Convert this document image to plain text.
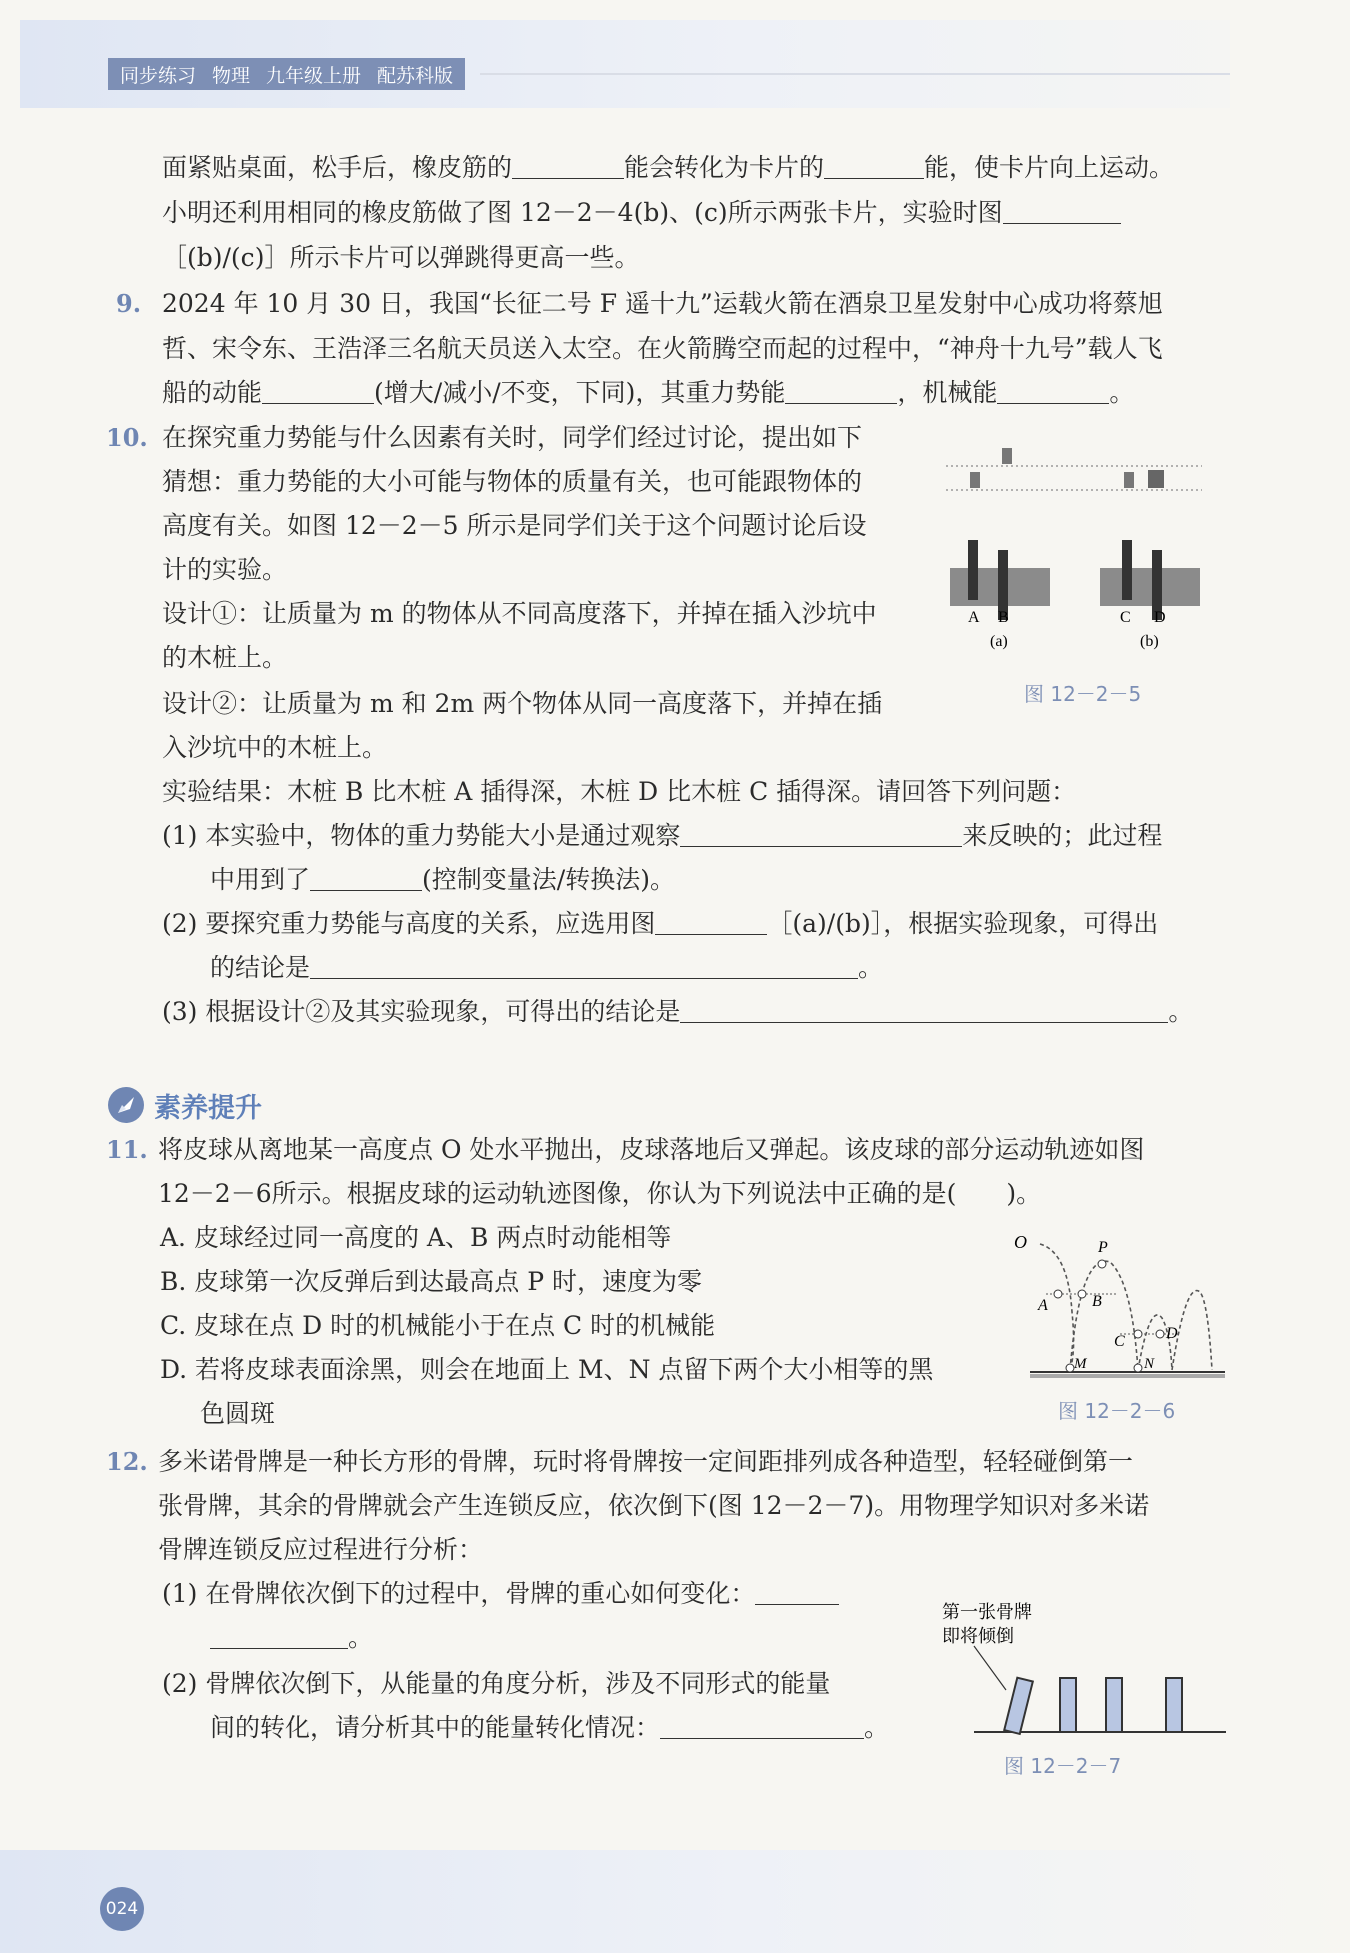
同步练习 物理 九年级上册 配苏科版
面紧贴桌面，松手后，橡皮筋的	能会转化为卡片的	能，使卡片向上运动。
小明还利用相同的橡皮筋做了图 12－2－4(b)、(c)所示两张卡片，实验时图
［(b)/(c)］所示卡片可以弹跳得更高一些。
9. 2024 年 10 月 30 日，我国“长征二号 F 遥十九”运载火箭在酒泉卫星发射中心成功将蔡旭
哲、宋令东、王浩泽三名航天员送入太空。在火箭腾空而起的过程中，“神舟十九号”载人飞
船的动能	(增大/减小/不变，下同)，其重力势能	，机械能	。
10. 在探究重力势能与什么因素有关时，同学们经过讨论，提出如下
猜想：重力势能的大小可能与物体的质量有关，也可能跟物体的
高度有关。如图 12－2－5 所示是同学们关于这个问题讨论后设
计的实验。
设计①：让质量为 m 的物体从不同高度落下，并掉在插入沙坑中
的木桩上。
设计②：让质量为 m 和 2m 两个物体从同一高度落下，并掉在插
入沙坑中的木桩上。
实验结果：木桩 B 比木桩 A 插得深，木桩 D 比木桩 C 插得深。请回答下列问题：
(1) 本实验中，物体的重力势能大小是通过观察	来反映的；此过程
中用到了	(控制变量法/转换法)。
(2) 要探究重力势能与高度的关系，应选用图	［(a)/(b)］，根据实验现象，可得出
的结论是	。
(3) 根据设计②及其实验现象，可得出的结论是	。
A B	C D
(a)	(b)
图 12－2－5
素养提升
11. 将皮球从离地某一高度点 O 处水平抛出，皮球落地后又弹起。该皮球的部分运动轨迹如图
12－2－6所示。根据皮球的运动轨迹图像，你认为下列说法中正确的是(　　)。
A. 皮球经过同一高度的 A、B 两点时动能相等
B. 皮球第一次反弹后到达最高点 P 时，速度为零
C. 皮球在点 D 时的机械能小于在点 C 时的机械能
D. 若将皮球表面涂黑，则会在地面上 M、N 点留下两个大小相等的黑
色圆斑
O	P
A	B
C	D
M	N
图 12－2－6
12. 多米诺骨牌是一种长方形的骨牌，玩时将骨牌按一定间距排列成各种造型，轻轻碰倒第一
张骨牌，其余的骨牌就会产生连锁反应，依次倒下(图 12－2－7)。用物理学知识对多米诺
骨牌连锁反应过程进行分析：
(1) 在骨牌依次倒下的过程中，骨牌的重心如何变化：
。
(2) 骨牌依次倒下，从能量的角度分析，涉及不同形式的能量
间的转化，请分析其中的能量转化情况：	。
第一张骨牌
即将倾倒
图 12－2－7
024
